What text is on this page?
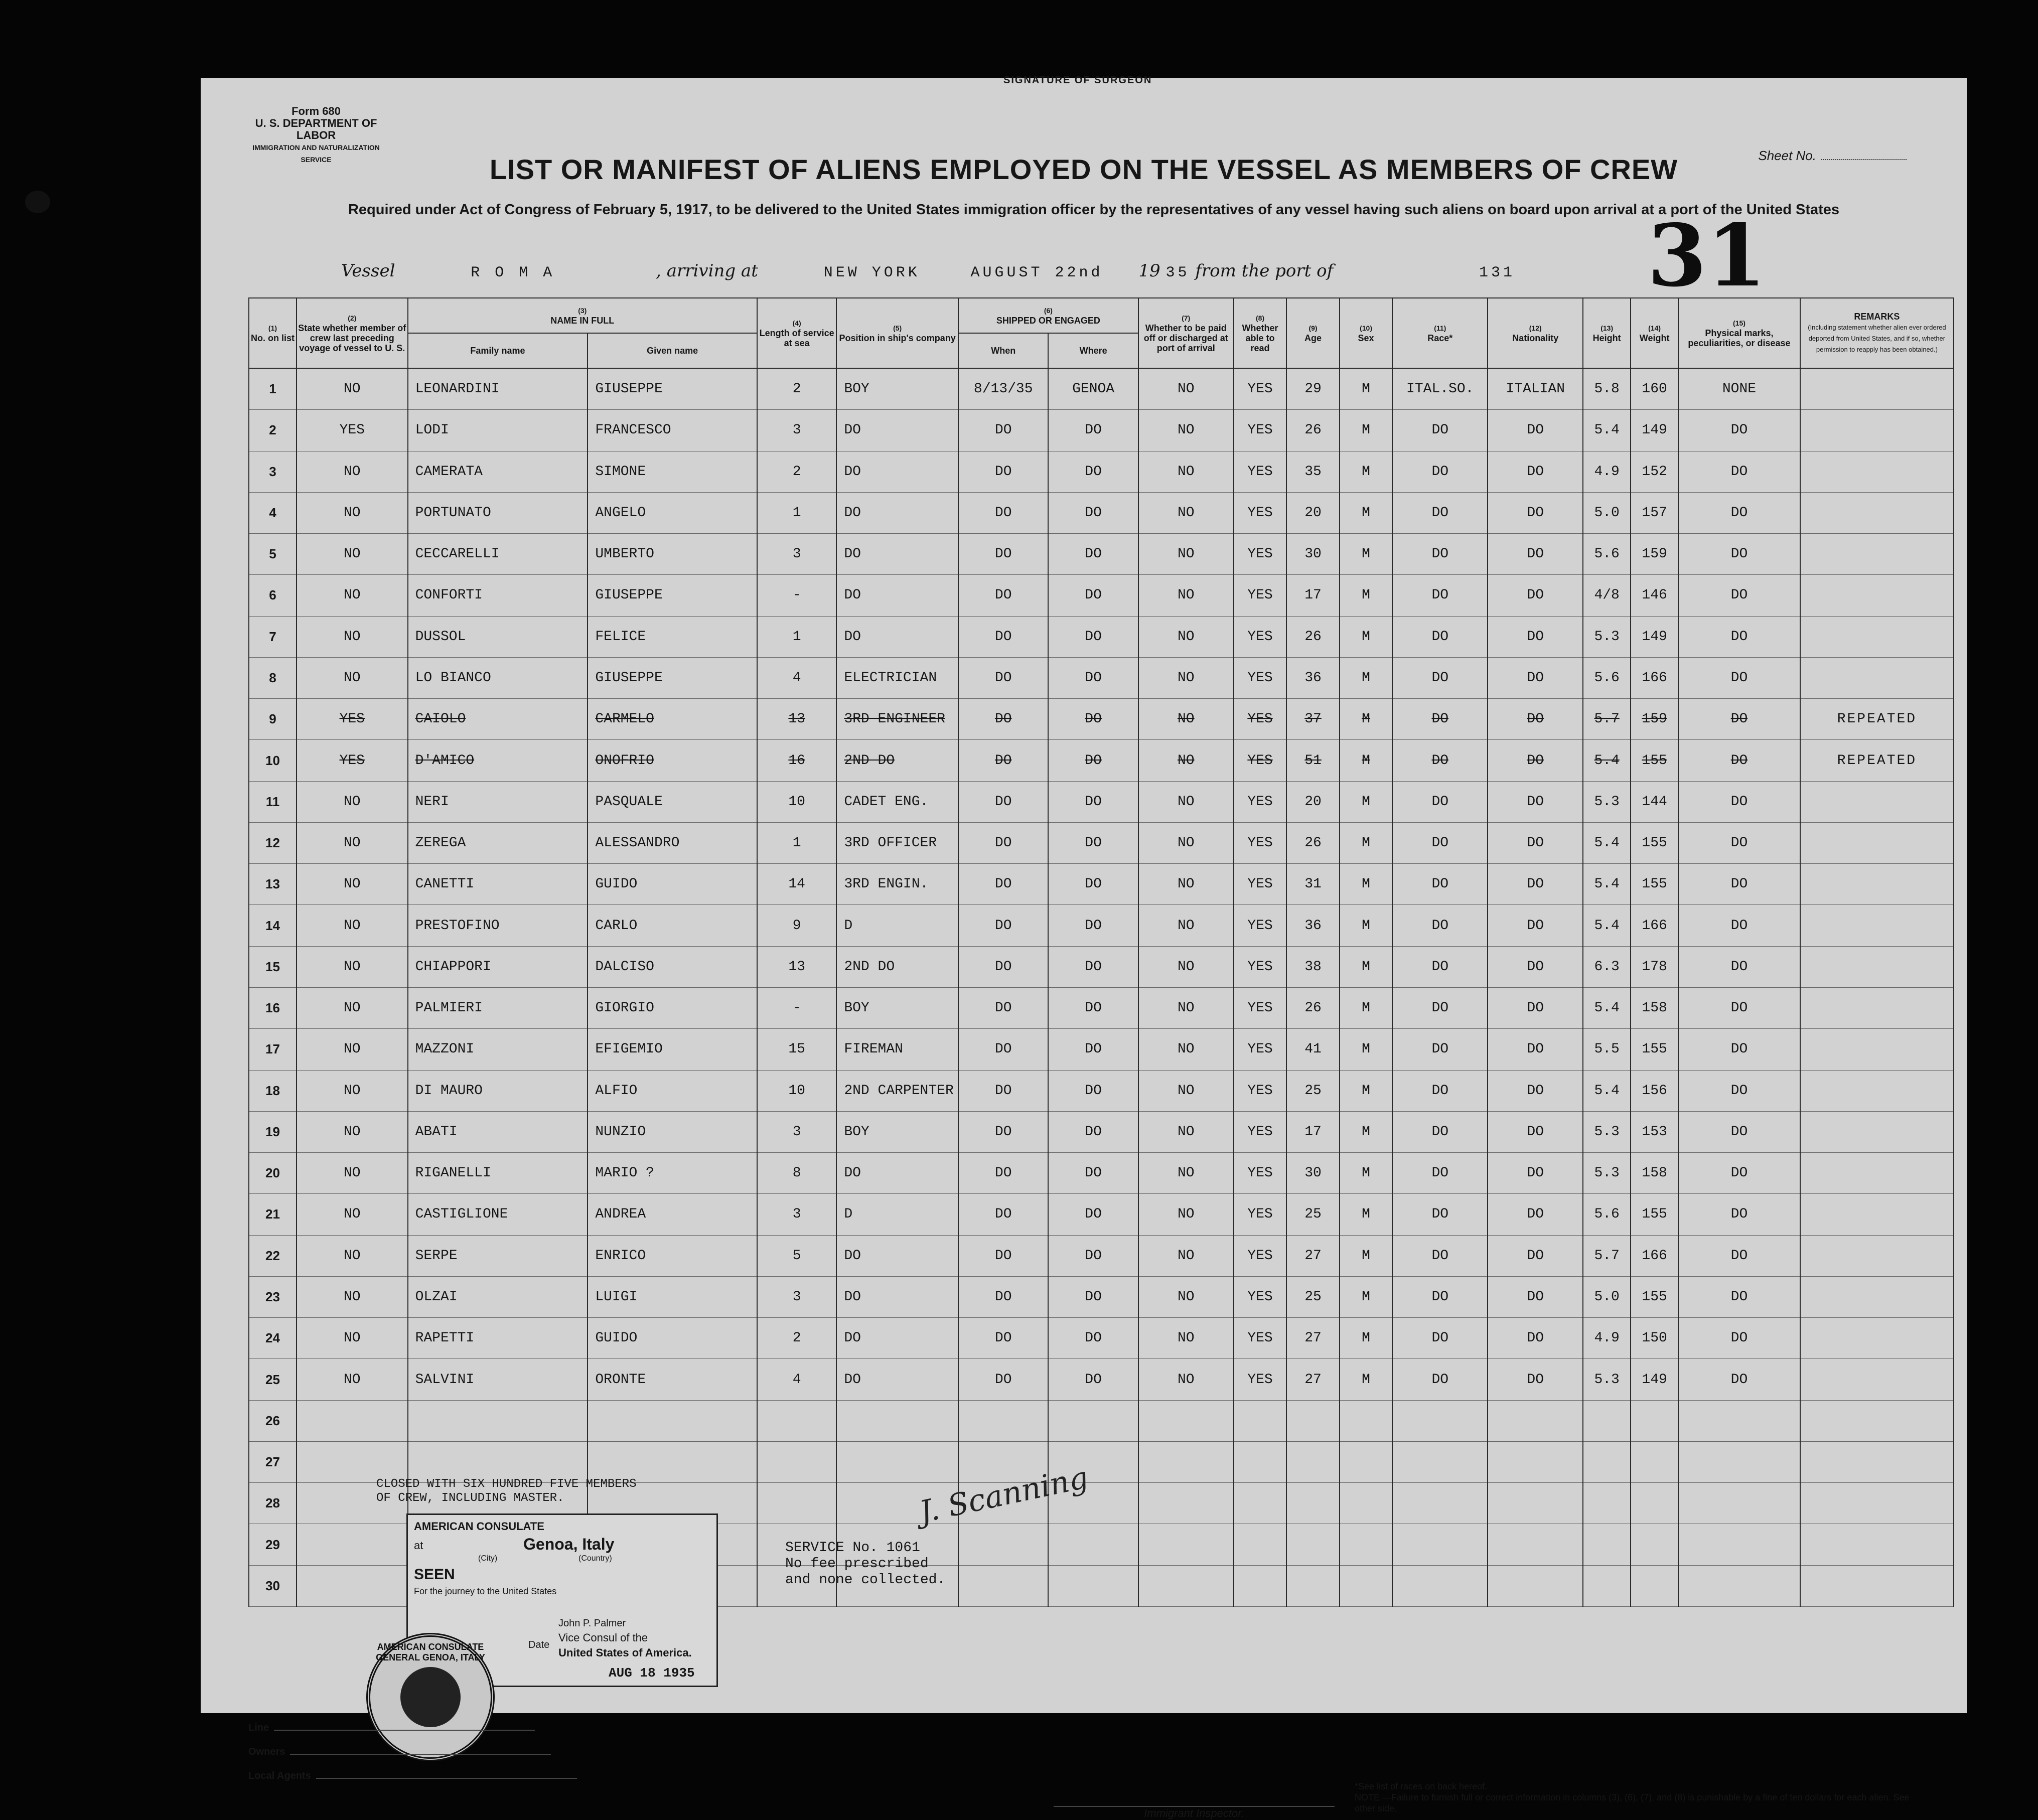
SIGNATURE OF SURGEON
Form 680
U. S. DEPARTMENT OF LABOR
IMMIGRATION AND NATURALIZATION SERVICE	Sheet No.
31
LIST OR MANIFEST OF ALIENS EMPLOYED ON THE VESSEL AS MEMBERS OF CREW
Required under Act of Congress of February 5, 1917, to be delivered to the United States immigration officer by the representatives of any vessel having such aliens on board upon arrival at a port of the United States
Vessel	R O M A	, arriving at	NEW YORK	AUGUST 22nd 19 35 from the port of	131
(1)
No. on list	(2)
State whether member of crew last preceding voyage of vessel to U. S.	(3)
NAME IN FULL		(4)
Length of service at sea	(5)
Position in ship's company	(6)
SHIPPED OR ENGAGED		(7)
Whether to be paid off or discharged at port of arrival	(8)
Whether able to read	(9)
Age	(10)
Sex	(11)
Race*	(12)
Nationality	(13)
Height	(14)
Weight	(15)
Physical marks, peculiarities, or disease	REMARKS
(Including statement whether alien ever ordered deported from United States, and if so, whether permission to reapply has been obtained.)
		Family name	Given name			When	Where										
1	NO	LEONARDINI	GIUSEPPE	2	BOY	8/13/35	GENOA	NO	YES	29	M	ITAL.SO.	ITALIAN	5.8	160	NONE	
2	YES	LODI	FRANCESCO	3	DO	DO	DO	NO	YES	26	M	DO	DO	5.4	149	DO	
3	NO	CAMERATA	SIMONE	2	DO	DO	DO	NO	YES	35	M	DO	DO	4.9	152	DO	
4	NO	PORTUNATO	ANGELO	1	DO	DO	DO	NO	YES	20	M	DO	DO	5.0	157	DO	
5	NO	CECCARELLI	UMBERTO	3	DO	DO	DO	NO	YES	30	M	DO	DO	5.6	159	DO	
6	NO	CONFORTI	GIUSEPPE	-	DO	DO	DO	NO	YES	17	M	DO	DO	4/8	146	DO	
7	NO	DUSSOL	FELICE	1	DO	DO	DO	NO	YES	26	M	DO	DO	5.3	149	DO	
8	NO	LO BIANCO	GIUSEPPE	4	ELECTRICIAN	DO	DO	NO	YES	36	M	DO	DO	5.6	166	DO	
9	YES	CAIOLO	CARMELO	13	3RD ENGINEER	DO	DO	NO	YES	37	M	DO	DO	5.7	159	DO	REPEATED
10	YES	D'AMICO	ONOFRIO	16	2ND DO	DO	DO	NO	YES	51	M	DO	DO	5.4	155	DO	REPEATED
11	NO	NERI	PASQUALE	10	CADET ENG.	DO	DO	NO	YES	20	M	DO	DO	5.3	144	DO	
12	NO	ZEREGA	ALESSANDRO	1	3RD OFFICER	DO	DO	NO	YES	26	M	DO	DO	5.4	155	DO	
13	NO	CANETTI	GUIDO	14	3RD ENGIN.	DO	DO	NO	YES	31	M	DO	DO	5.4	155	DO	
14	NO	PRESTOFINO	CARLO	9	D	DO	DO	NO	YES	36	M	DO	DO	5.4	166	DO	
15	NO	CHIAPPORI	DALCISO	13	2ND DO	DO	DO	NO	YES	38	M	DO	DO	6.3	178	DO	
16	NO	PALMIERI	GIORGIO	-	BOY	DO	DO	NO	YES	26	M	DO	DO	5.4	158	DO	
17	NO	MAZZONI	EFIGEMIO	15	FIREMAN	DO	DO	NO	YES	41	M	DO	DO	5.5	155	DO	
18	NO	DI MAURO	ALFIO	10	2ND CARPENTER	DO	DO	NO	YES	25	M	DO	DO	5.4	156	DO	
19	NO	ABATI	NUNZIO	3	BOY	DO	DO	NO	YES	17	M	DO	DO	5.3	153	DO	
20	NO	RIGANELLI	MARIO ?	8	DO	DO	DO	NO	YES	30	M	DO	DO	5.3	158	DO	
21	NO	CASTIGLIONE	ANDREA	3	D	DO	DO	NO	YES	25	M	DO	DO	5.6	155	DO	
22	NO	SERPE	ENRICO	5	DO	DO	DO	NO	YES	27	M	DO	DO	5.7	166	DO	
23	NO	OLZAI	LUIGI	3	DO	DO	DO	NO	YES	25	M	DO	DO	5.0	155	DO	
24	NO	RAPETTI	GUIDO	2	DO	DO	DO	NO	YES	27	M	DO	DO	4.9	150	DO	
25	NO	SALVINI	ORONTE	4	DO	DO	DO	NO	YES	27	M	DO	DO	5.3	149	DO	
26																	
27																	
28																	
29																	
30																	
CLOSED WITH SIX HUNDRED FIVE MEMBERS
OF CREW, INCLUDING MASTER.	J. Scanning
AMERICAN CONSULATE
at	Genoa, Italy
(City)	(Country)
SEEN
For the journey to the United States
John P. Palmer
Date
Vice Consul of the
United States of America.
AUG 18 1935
AMERICAN CONSULATE GENERAL GENOA, ITALY
SERVICE No. 1061
No fee prescribed
and none collected.
Line
Owners
Local Agents
Immigrant Inspector.
*See list of races on back hereof.
NOTE.—Failure to furnish full or correct information in columns (3), (6), (7), and (8) is punishable by a fine of ten dollars for each alien. See other side.
